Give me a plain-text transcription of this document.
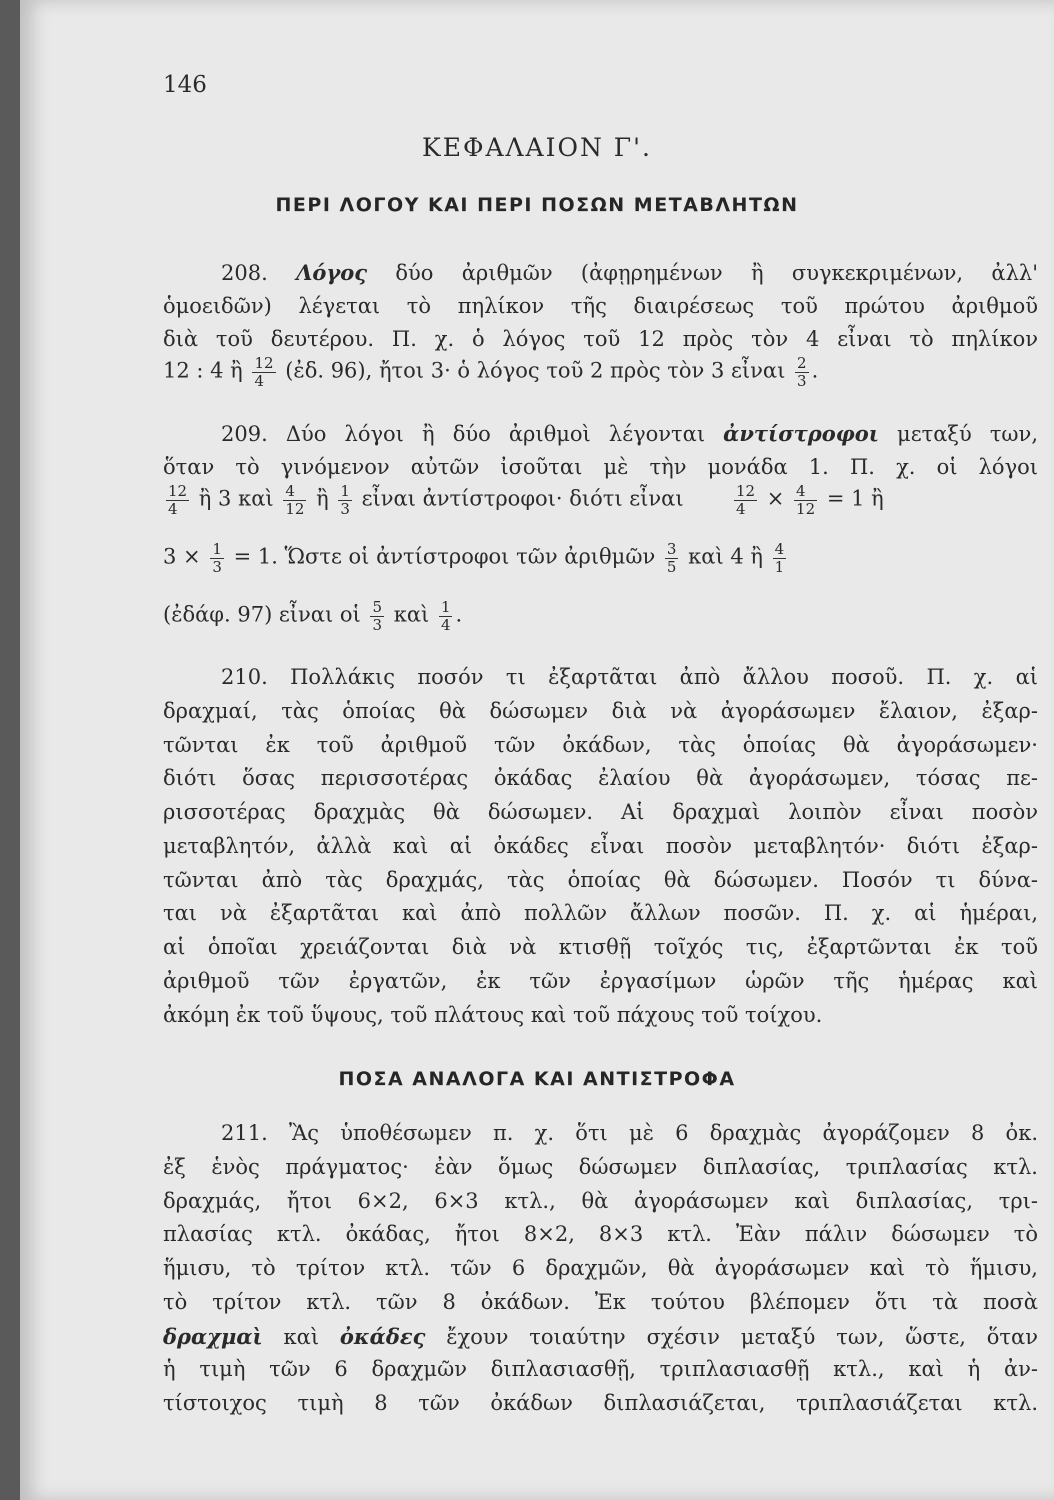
146
ΚΕΦΑΛΑΙΟΝ Γ'.
ΠΕΡΙ ΛΟΓΟΥ ΚΑΙ ΠΕΡΙ ΠΟΣΩΝ ΜΕΤΑΒΛΗΤΩΝ
208. Λόγος δύο ἀριθμῶν (ἀφῃρημένων ἢ συγκεκριμένων, ἀλλ'
ὁμοειδῶν) λέγεται τὸ πηλίκον τῆς διαιρέσεως τοῦ πρώτου ἀριθμοῦ
διὰ τοῦ δευτέρου. Π. χ. ὁ λόγος τοῦ 12 πρὸς τὸν 4 εἶναι τὸ πηλίκον
12 : 4 ἢ $\frac{12}{4}$ (ἐδ. 96), ἤτοι 3· ὁ λόγος τοῦ 2 πρὸς τὸν 3 εἶναι $\frac{2}{3}$ .
209. Δύο λόγοι ἢ δύο ἀριθμοὶ λέγονται ἀντίστροφοι μεταξύ των,
ὅταν τὸ γινόμενον αὐτῶν ἰσοῦται μὲ τὴν μονάδα 1. Π. χ. οἱ λόγοι
$\frac{12}{4}$ ἢ 3 καὶ $\frac{4}{12}$ ἢ $\frac{1}{3}$ εἶναι ἀντίστροφοι· διότι εἶναι	$\frac{12}{4} \times \frac{4}{12} = 1$ ἢ
$3 \times \frac{1}{3} = 1$. Ὥστε οἱ ἀντίστροφοι τῶν ἀριθμῶν $\frac{3}{5}$ καὶ 4 ἢ $\frac{4}{1}$
(ἐδάφ. 97) εἶναι οἱ $\frac{5}{3}$ καὶ $\frac{1}{4}$ .
210. Πολλάκις ποσόν τι ἐξαρτᾶται ἀπὸ ἄλλου ποσοῦ. Π. χ. αἱ
δραχμαί, τὰς ὁποίας θὰ δώσωμεν διὰ νὰ ἀγοράσωμεν ἔλαιον, ἐξαρ-
τῶνται ἐκ τοῦ ἀριθμοῦ τῶν ὀκάδων, τὰς ὁποίας θὰ ἀγοράσωμεν·
διότι ὅσας περισσοτέρας ὀκάδας ἐλαίου θὰ ἀγοράσωμεν, τόσας πε-
ρισσοτέρας δραχμὰς θὰ δώσωμεν. Αἱ δραχμαὶ λοιπὸν εἶναι ποσὸν
μεταβλητόν, ἀλλὰ καὶ αἱ ὀκάδες εἶναι ποσὸν μεταβλητόν· διότι ἐξαρ-
τῶνται ἀπὸ τὰς δραχμάς, τὰς ὁποίας θὰ δώσωμεν. Ποσόν τι δύνα-
ται νὰ ἐξαρτᾶται καὶ ἀπὸ πολλῶν ἄλλων ποσῶν. Π. χ. αἱ ἡμέραι,
αἱ ὁποῖαι χρειάζονται διὰ νὰ κτισθῇ τοῖχός τις, ἐξαρτῶνται ἐκ τοῦ
ἀριθμοῦ τῶν ἐργατῶν, ἐκ τῶν ἐργασίμων ὡρῶν τῆς ἡμέρας καὶ
ἀκόμη ἐκ τοῦ ὕψους, τοῦ πλάτους καὶ τοῦ πάχους τοῦ τοίχου.
ΠΟΣΑ ΑΝΑΛΟΓΑ ΚΑΙ ΑΝΤΙΣΤΡΟΦΑ
211. Ἂς ὑποθέσωμεν π. χ. ὅτι μὲ 6 δραχμὰς ἀγοράζομεν 8 ὀκ.
ἐξ ἑνὸς πράγματος· ἐὰν ὅμως δώσωμεν διπλασίας, τριπλασίας κτλ.
δραχμάς, ἤτοι 6×2, 6×3 κτλ., θὰ ἀγοράσωμεν καὶ διπλασίας, τρι-
πλασίας κτλ. ὀκάδας, ἤτοι 8×2, 8×3 κτλ. Ἐὰν πάλιν δώσωμεν τὸ
ἥμισυ, τὸ τρίτον κτλ. τῶν 6 δραχμῶν, θὰ ἀγοράσωμεν καὶ τὸ ἥμισυ,
τὸ τρίτον κτλ. τῶν 8 ὀκάδων. Ἐκ τούτου βλέπομεν ὅτι τὰ ποσὰ
δραχμαὶ καὶ ὀκάδες ἔχουν τοιαύτην σχέσιν μεταξύ των, ὥστε, ὅταν
ἡ τιμὴ τῶν 6 δραχμῶν διπλασιασθῇ, τριπλασιασθῇ κτλ., καὶ ἡ ἀν-
τίστοιχος τιμὴ 8 τῶν ὀκάδων διπλασιάζεται, τριπλασιάζεται κτλ.
